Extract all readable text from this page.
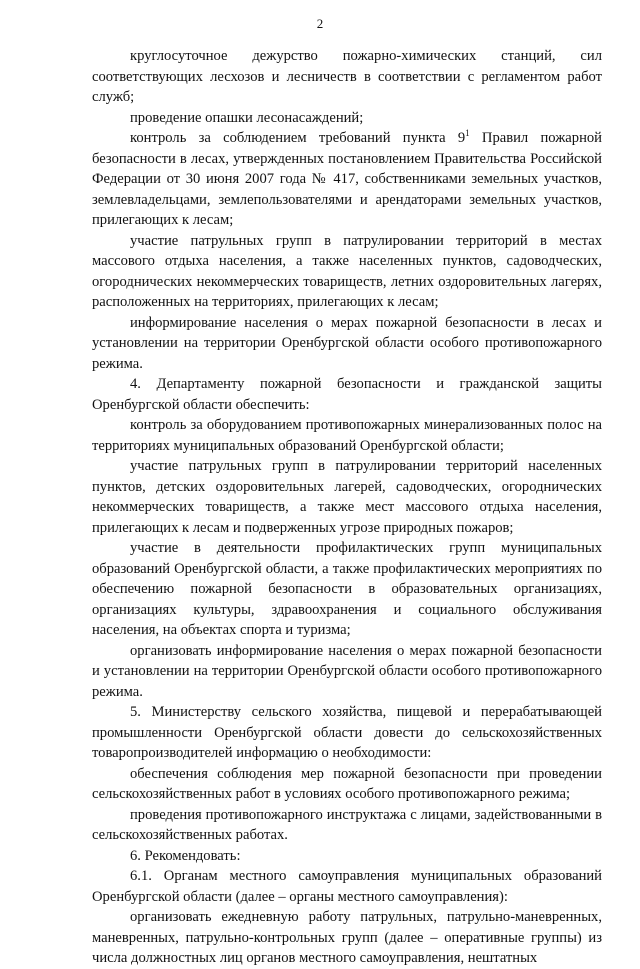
2

круглосуточное дежурство пожарно-химических станций, сил соответствующих лесхозов и лесничеств в соответствии с регламентом работ служб;

проведение опашки лесонасаждений;

контроль за соблюдением требований пункта $9^1$ Правил пожарной безопасности в лесах, утвержденных постановлением Правительства Российской Федерации от 30 июня 2007 года № 417, собственниками земельных участков, землевладельцами, землепользователями и арендаторами земельных участков, прилегающих к лесам;

участие патрульных групп в патрулировании территорий в местах массового отдыха населения, а также населенных пунктов, садоводческих, огороднических некоммерческих товариществ, летних оздоровительных лагерях, расположенных на территориях, прилегающих к лесам;

информирование населения о мерах пожарной безопасности в лесах и установлении на территории Оренбургской области особого противопожарного режима.

4. Департаменту пожарной безопасности и гражданской защиты Оренбургской области обеспечить:

контроль за оборудованием противопожарных минерализованных полос на территориях муниципальных образований Оренбургской области;

участие патрульных групп в патрулировании территорий населенных пунктов, детских оздоровительных лагерей, садоводческих, огороднических некоммерческих товариществ, а также мест массового отдыха населения, прилегающих к лесам и подверженных угрозе природных пожаров;

участие в деятельности профилактических групп муниципальных образований Оренбургской области, а также профилактических мероприятиях по обеспечению пожарной безопасности в образовательных организациях, организациях культуры, здравоохранения и социального обслуживания населения, на объектах спорта и туризма;

организовать информирование населения о мерах пожарной безопасности и установлении на территории Оренбургской области особого противопожарного режима.

5. Министерству сельского хозяйства, пищевой и перерабатывающей промышленности Оренбургской области довести до сельскохозяйственных товаропроизводителей информацию о необходимости:

обеспечения соблюдения мер пожарной безопасности при проведении сельскохозяйственных работ в условиях особого противопожарного режима;

проведения противопожарного инструктажа с лицами, задействованными в сельскохозяйственных работах.

6. Рекомендовать:

6.1. Органам местного самоуправления муниципальных образований Оренбургской области (далее – органы местного самоуправления):

организовать ежедневную работу патрульных, патрульно-маневренных, маневренных, патрульно-контрольных групп (далее – оперативные группы) из числа должностных лиц органов местного самоуправления, нештатных
